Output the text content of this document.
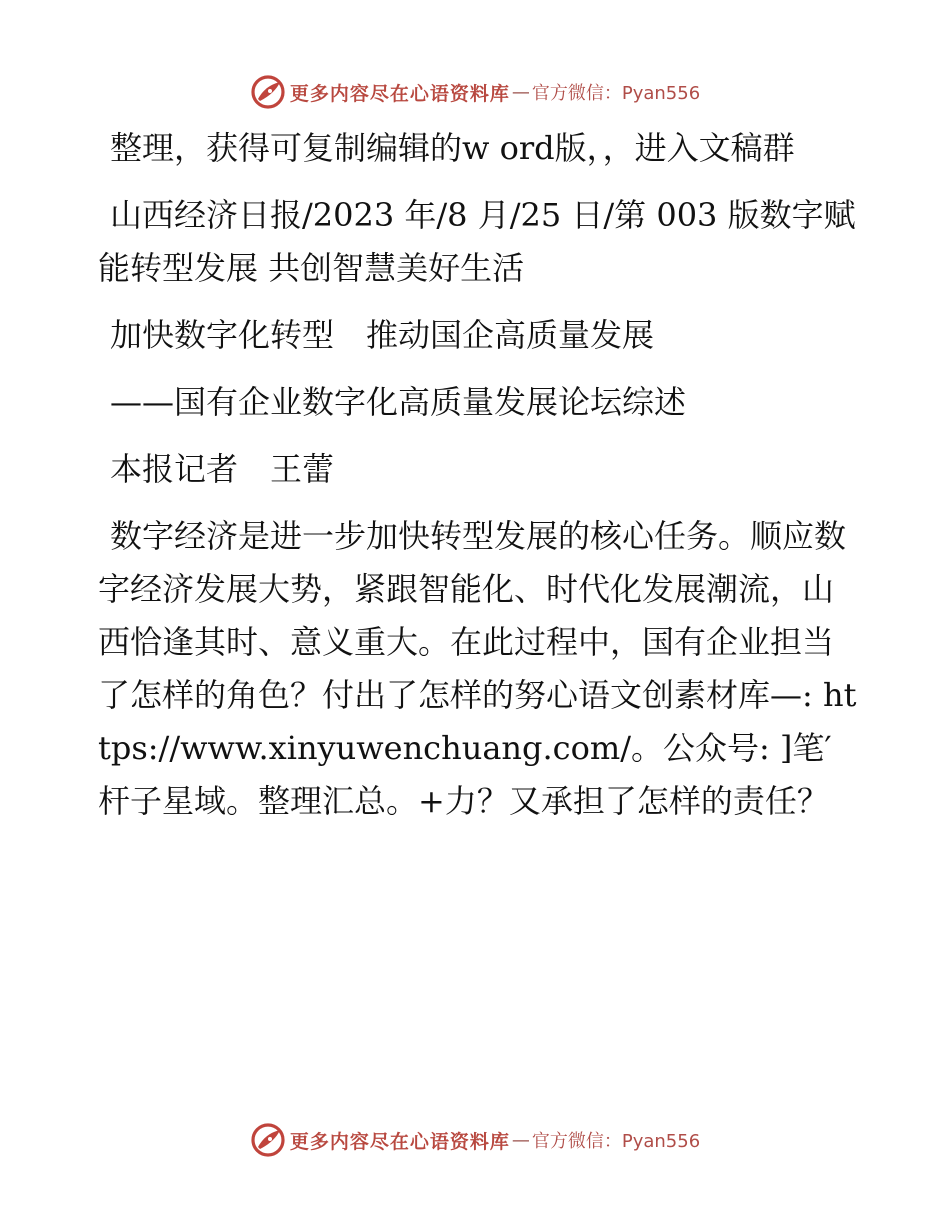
更多内容尽在心语资料库 — 官方微信：Pyan556

整理，获得可复制编辑的w ord版，，进入文稿群

山西经济日报/2023 年/8 月/25 日/第 003 版数字赋能转型发展 共创智慧美好生活

加快数字化转型　推动国企高质量发展

——国有企业数字化高质量发展论坛综述

本报记者　王蕾

数字经济是进一步加快转型发展的核心任务。顺应数字经济发展大势，紧跟智能化、时代化发展潮流，山西恰逢其时、意义重大。在此过程中，国有企业担当了怎样的角色？付出了怎样的努心语文创素材库—: https://www.xinyuwenchuang.com/。公众号: ]笔′杆子星域。整理汇总。+力？又承担了怎样的责任？

更多内容尽在心语资料库 — 官方微信：Pyan556
